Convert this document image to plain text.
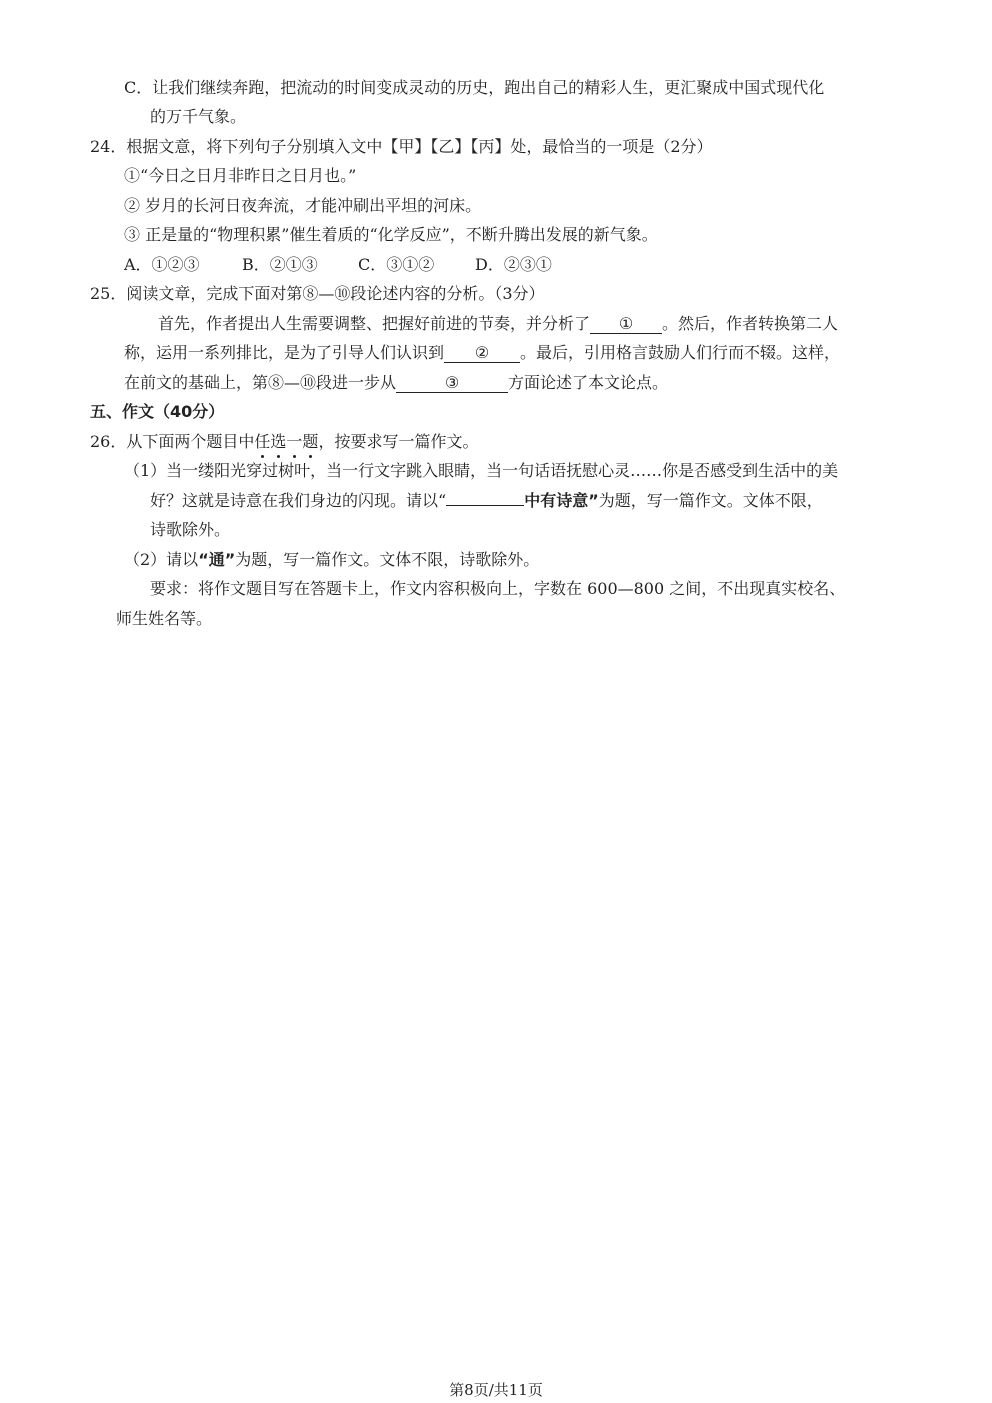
C．让我们继续奔跑，把流动的时间变成灵动的历史，跑出自己的精彩人生，更汇聚成中国式现代化
的万千气象。
24．根据文意，将下列句子分别填入文中【甲】【乙】【丙】处，最恰当的一项是（2分）
①“今日之日月非昨日之日月也。”
② 岁月的长河日夜奔流，才能冲刷出平坦的河床。
③ 正是量的“物理积累”催生着质的“化学反应”，不断升腾出发展的新气象。
A．①②③	B．②①③	C．③①②	D．②③①
25．阅读文章，完成下面对第⑧—⑩段论述内容的分析。（3分）
首先，作者提出人生需要调整、把握好前进的节奏，并分析了 ① 。然后，作者转换第二人
称，运用一系列排比，是为了引导人们认识到 ② 。最后，引用格言鼓励人们行而不辍。这样，
在前文的基础上，第⑧—⑩段进一步从	③	方面论述了本文论点。
五、作文（40分）
26．从下面两个题目中任选一题，按要求写一篇作文。
（1）当一缕阳光穿过树叶，当一行文字跳入眼睛，当一句话语抚慰心灵……你是否感受到生活中的美
好？这就是诗意在我们身边的闪现。请以“	中有诗意”为题，写一篇作文。文体不限，
诗歌除外。
（2）请以“通”为题，写一篇作文。文体不限，诗歌除外。
要求：将作文题目写在答题卡上，作文内容积极向上，字数在 600—800 之间，不出现真实校名、
师生姓名等。
第8页/共11页
